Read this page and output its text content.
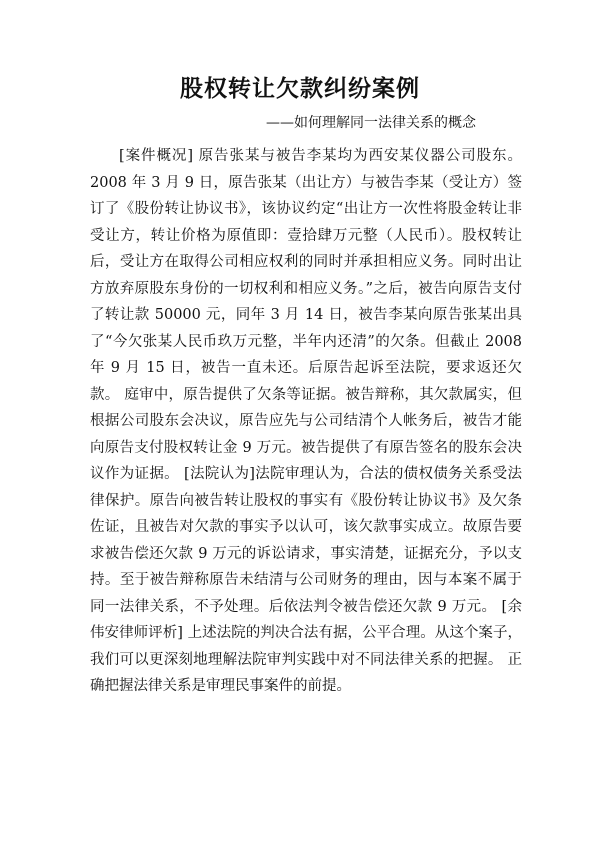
股权转让欠款纠纷案例
——如何理解同一法律关系的概念

[案件概况] 原告张某与被告李某均为西安某仪器公司股东。2008 年 3 月 9 日，原告张某（出让方）与被告李某（受让方）签订了《股份转让协议书》，该协议约定“出让方一次性将股金转让非受让方，转让价格为原值即：壹拾肆万元整（人民币）。股权转让后，受让方在取得公司相应权利的同时并承担相应义务。同时出让方放弃原股东身份的一切权利和相应义务。”之后，被告向原告支付了转让款 50000 元，同年 3 月 14 日，被告李某向原告张某出具了“今欠张某人民币玖万元整，半年内还清”的欠条。但截止 2008 年 9 月 15 日，被告一直未还。后原告起诉至法院，要求返还欠款。 庭审中，原告提供了欠条等证据。被告辩称，其欠款属实，但根据公司股东会决议，原告应先与公司结清个人帐务后，被告才能向原告支付股权转让金 9 万元。被告提供了有原告签名的股东会决议作为证据。 [法院认为]法院审理认为，合法的债权债务关系受法律保护。原告向被告转让股权的事实有《股份转让协议书》及欠条佐证，且被告对欠款的事实予以认可，该欠款事实成立。故原告要求被告偿还欠款 9 万元的诉讼请求，事实清楚，证据充分，予以支持。至于被告辩称原告未结清与公司财务的理由，因与本案不属于同一法律关系，不予处理。后依法判令被告偿还欠款 9 万元。 [余伟安律师评析] 上述法院的判决合法有据，公平合理。从这个案子，我们可以更深刻地理解法院审判实践中对不同法律关系的把握。 正确把握法律关系是审理民事案件的前提。
